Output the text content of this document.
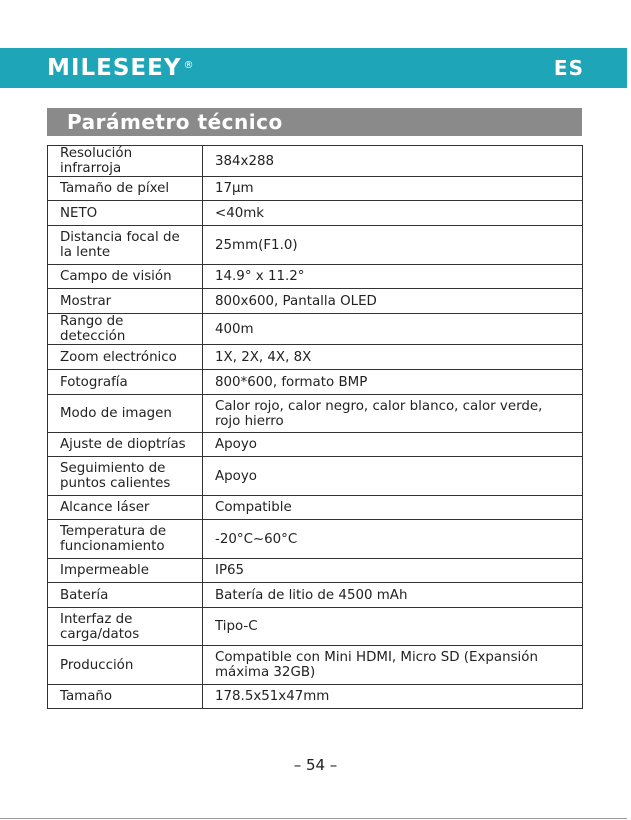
MILESEEY ®	ES
Parámetro técnico
Resolución infrarroja	384x288
Tamaño de píxel	17μm
NETO	<40mk
Distancia focal de la lente	25mm(F1.0)
Campo de visión	14.9° x 11.2°
Mostrar	800x600, Pantalla OLED
Rango de detección	400m
Zoom electrónico	1X, 2X, 4X, 8X
Fotografía	800*600, formato BMP
Modo de imagen	Calor rojo, calor negro, calor blanco, calor verde, rojo hierro
Ajuste de dioptrías	Apoyo
Seguimiento de puntos calientes	Apoyo
Alcance láser	Compatible
Temperatura de funcionamiento	-20°C~60°C
Impermeable	IP65
Batería	Batería de litio de 4500 mAh
Interfaz de carga/datos	Tipo-C
Producción	Compatible con Mini HDMI, Micro SD (Expansión máxima 32GB)
Tamaño	178.5x51x47mm
– 54 –
